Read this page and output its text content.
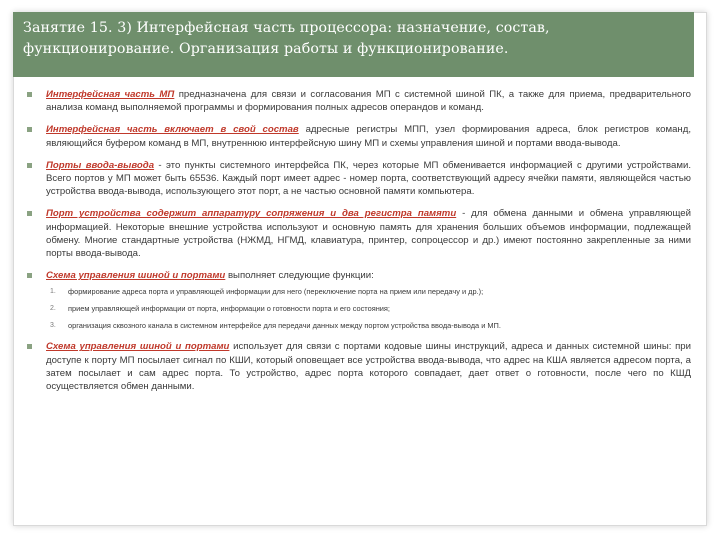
Занятие 15. 3) Интерфейсная часть процессора: назначение, состав, функционирование. Организация работы и функционирование.

Интерфейсная часть МП предназначена для связи и согласования МП с системной шиной ПК, а также для приема, предварительного анализа команд выполняемой программы и формирования полных адресов операндов и команд.
Интерфейсная часть включает в свой состав адресные регистры МПП, узел формирования адреса, блок регистров команд, являющийся буфером команд в МП, внутреннюю интерфейсную шину МП и схемы управления шиной и портами ввода-вывода.
Порты ввода-вывода - это пункты системного интерфейса ПК, через которые МП обменивается информацией с другими устройствами. Всего портов у МП может быть 65536. Каждый порт имеет адрес - номер порта, соответствующий адресу ячейки памяти, являющейся частью устройства ввода-вывода, использующего этот порт, а не частью основной памяти компьютера.
Порт устройства содержит аппаратуру сопряжения и два регистра памяти - для обмена данными и обмена управляющей информацией. Некоторые внешние устройства используют и основную память для хранения больших объемов информации, подлежащей обмену. Многие стандартные устройства (НЖМД, НГМД, клавиатура, принтер, сопроцессор и др.) имеют постоянно закрепленные за ними порты ввода-вывода.
Схема управления шиной и портами выполняет следующие функции:
1. формирование адреса порта и управляющей информации для него (переключение порта на прием или передачу и др.);
2. прием управляющей информации от порта, информации о готовности порта и его состояния;
3. организация сквозного канала в системном интерфейсе для передачи данных между портом устройства ввода-вывода и МП.
Схема управления шиной и портами использует для связи с портами кодовые шины инструкций, адреса и данных системной шины: при доступе к порту МП посылает сигнал по КШИ, который оповещает все устройства ввода-вывода, что адрес на КША является адресом порта, а затем посылает и сам адрес порта. То устройство, адрес порта которого совпадает, дает ответ о готовности, после чего по КШД осуществляется обмен данными.
